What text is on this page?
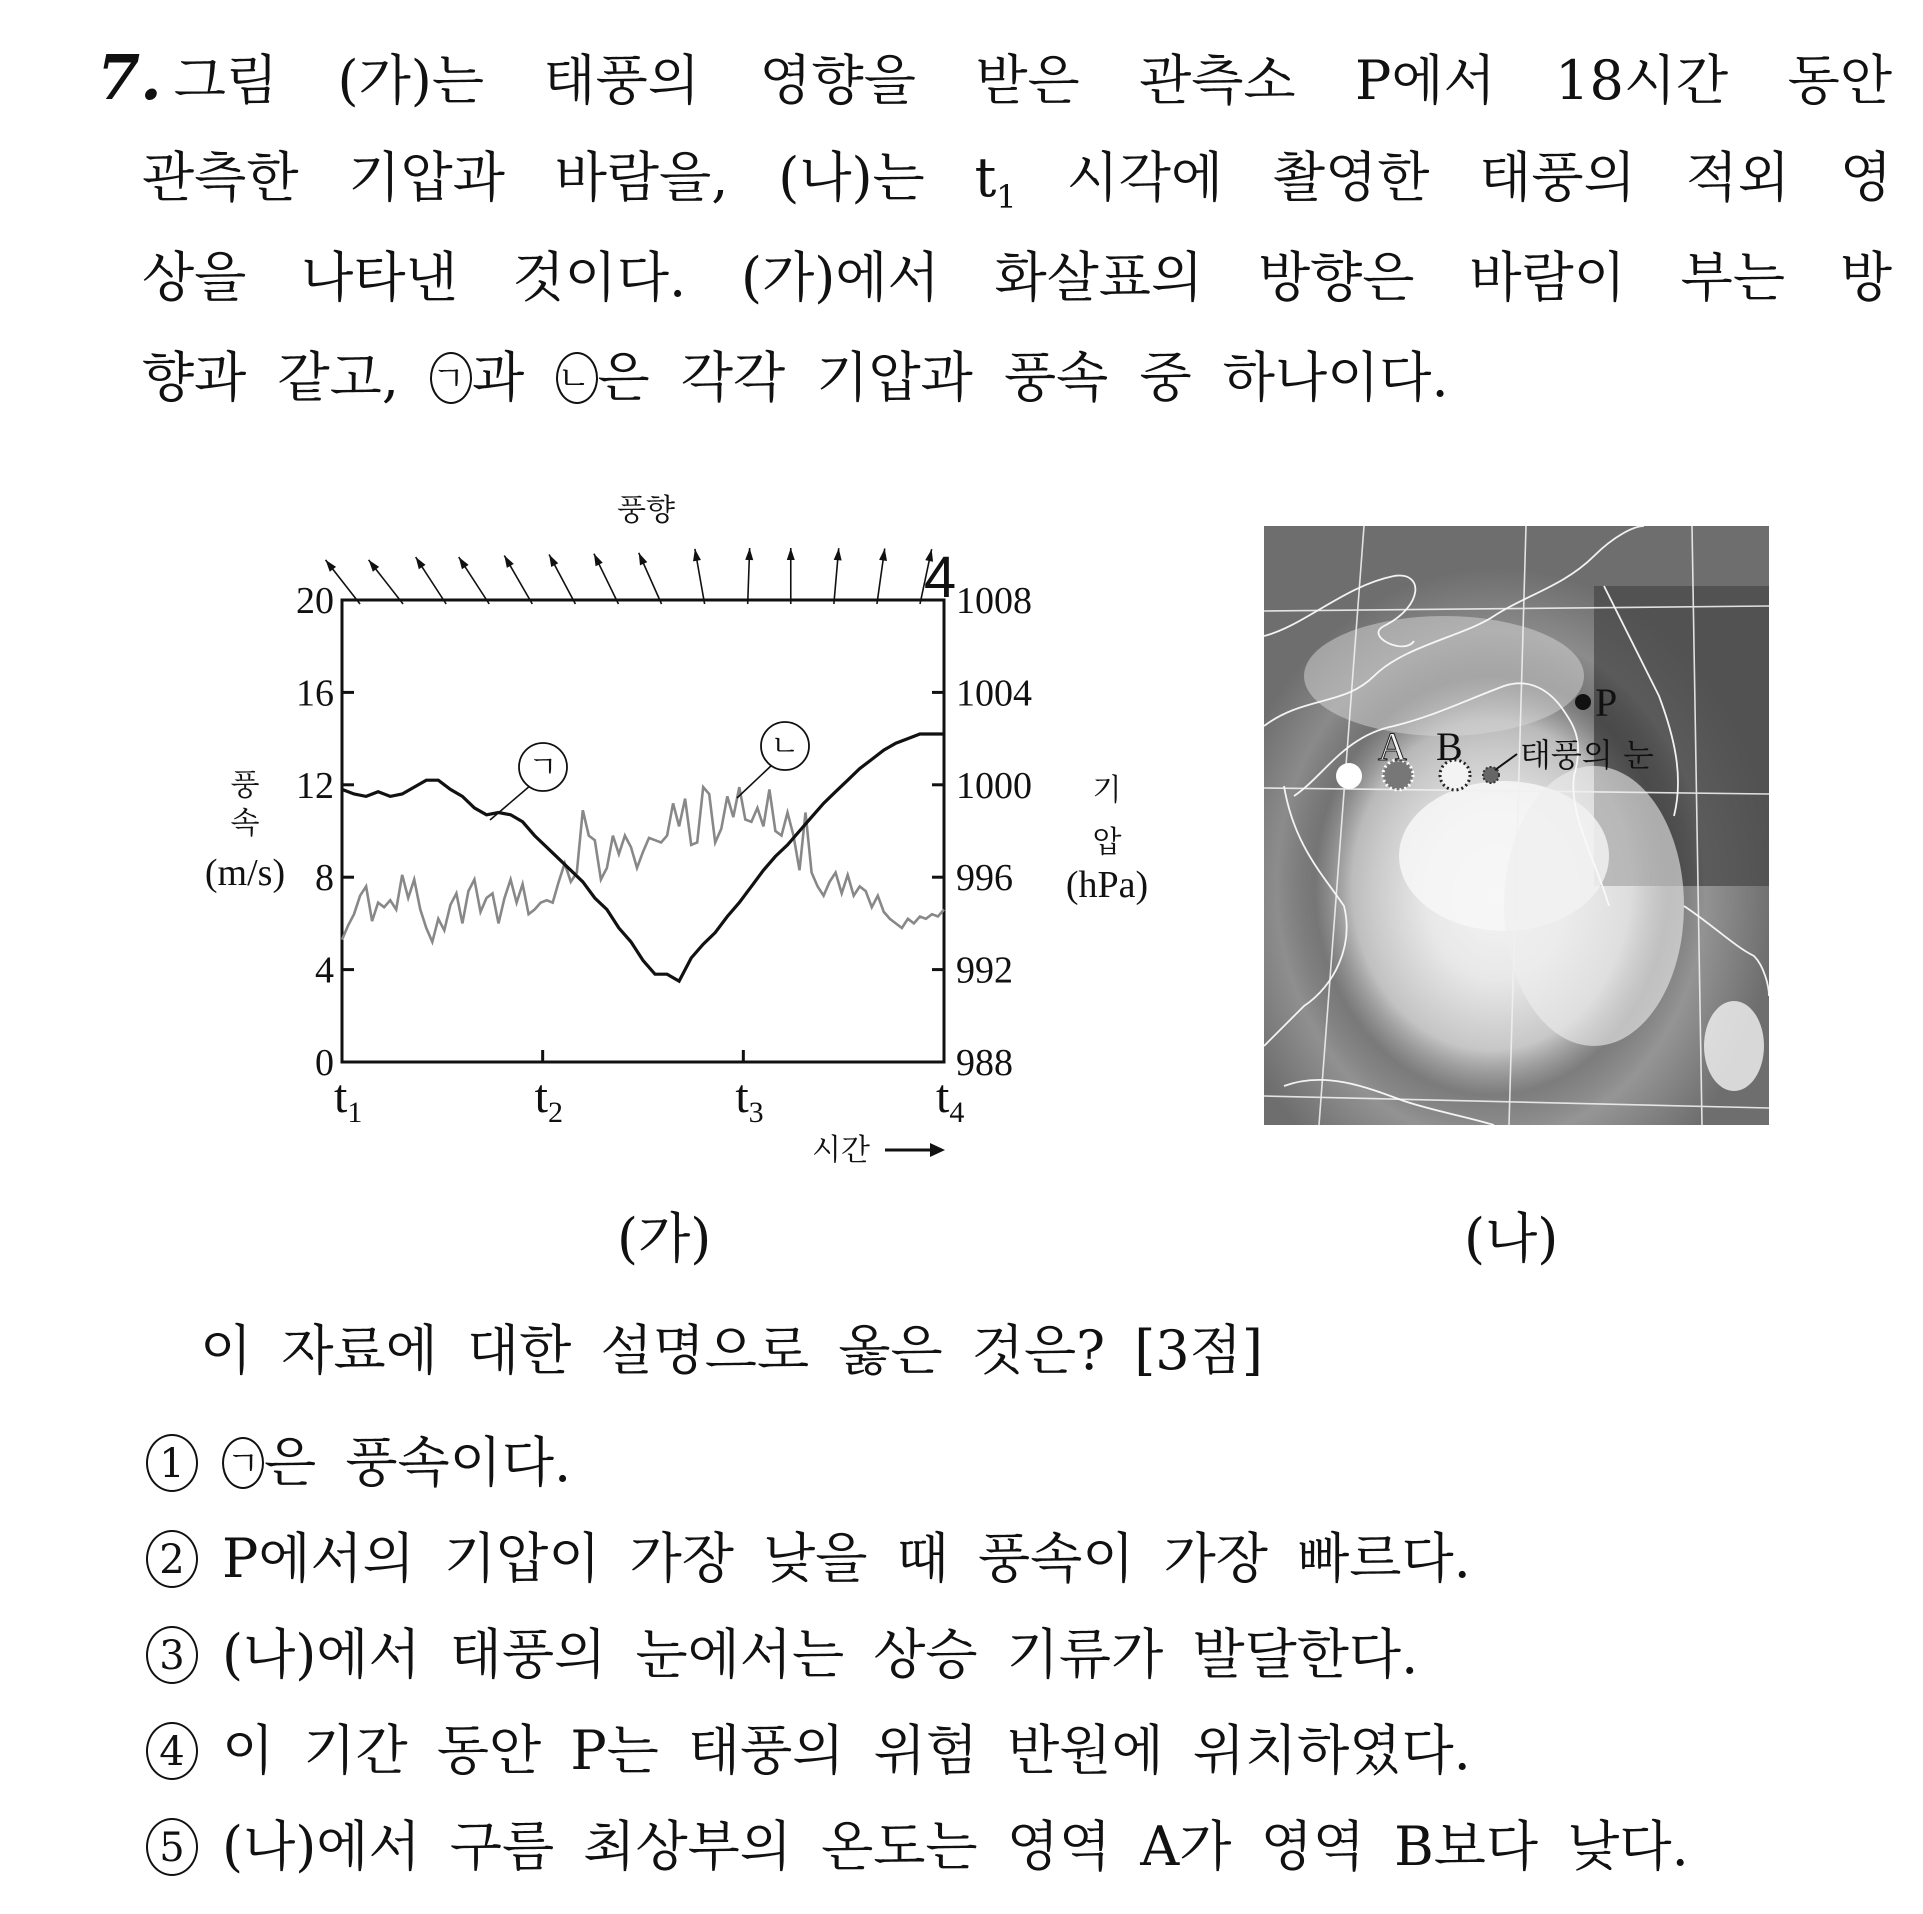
7. 그림 (가)는 태풍의 영향을 받은 관측소 P에서 18시간 동안
관측한 기압과 바람을, (나)는 $t_1$ 시각에 촬영한 태풍의 적외 영
상을 나타낸 것이다. (가)에서 화살표의 방향은 바람이 부는 방
향과 같고, ㄱ 과 ㄴ 은 각각 기압과 풍속 중 하나이다.
풍향
4
0
4
8
12
16
20
988
992
996
1000
1004
1008
$t_1$	$t_2$	$t_3$	$t_4$
풍
속
(m/s)
기
압
(hPa)
시간
ㄱ
ㄴ
P
A B 태풍의 눈
(가)	(나)
이 자료에 대한 설명으로 옳은 것은? [3점]
1 ㄱ은 풍속이다.
2 P에서의 기압이 가장 낮을 때 풍속이 가장 빠르다.
3 (나)에서 태풍의 눈에서는 상승 기류가 발달한다.
4 이 기간 동안 P는 태풍의 위험 반원에 위치하였다.
5 (나)에서 구름 최상부의 온도는 영역 A가 영역 B보다 낮다.
